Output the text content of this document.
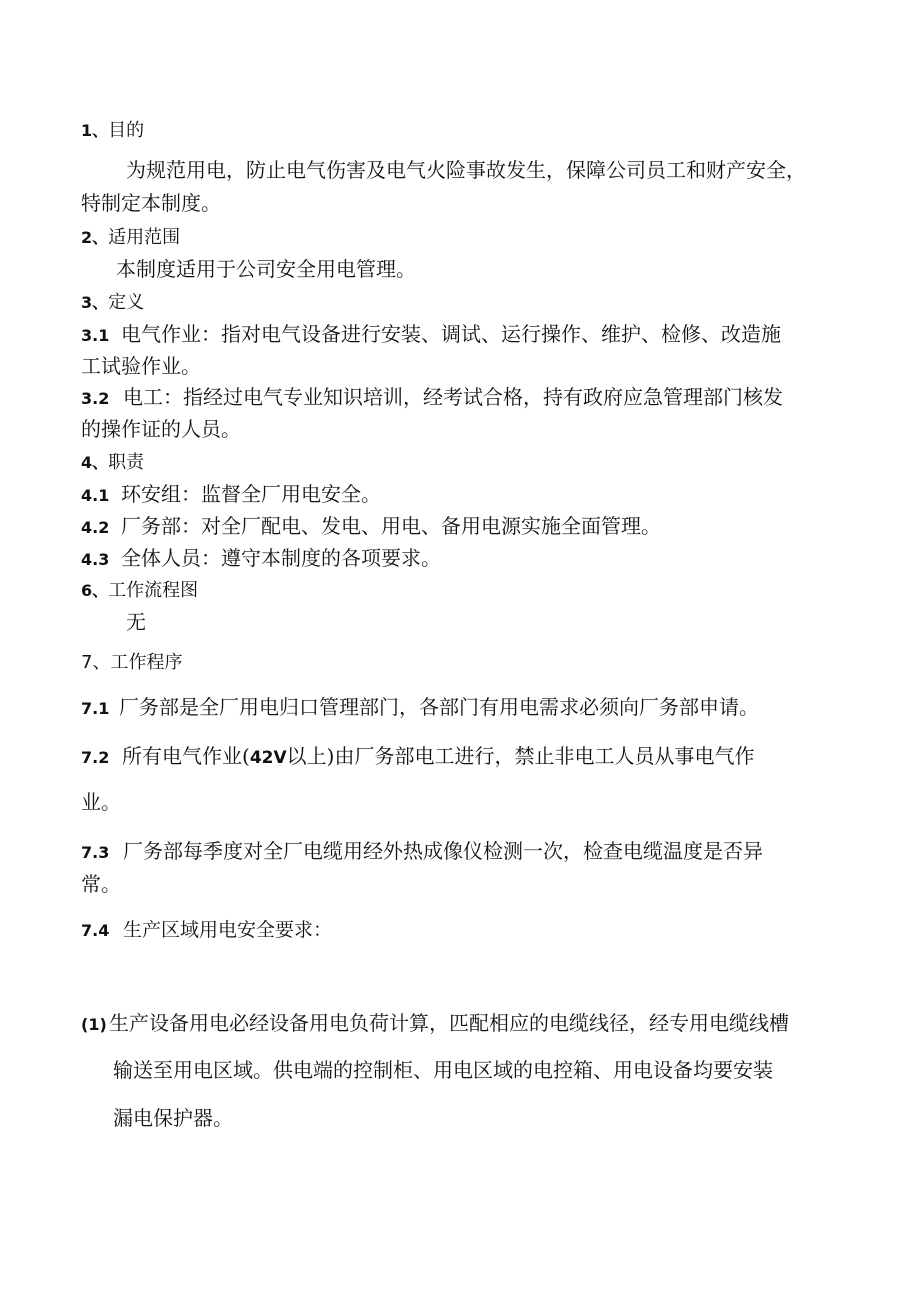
1、目的
为规范用电，防止电气伤害及电气火险事故发生，保障公司员工和财产安全，
特制定本制度。
2、适用范围
本制度适用于公司安全用电管理。
3、定义
3.1 电气作业：指对电气设备进行安装、调试、运行操作、维护、检修、改造施
工试验作业。
3.2 电工：指经过电气专业知识培训，经考试合格，持有政府应急管理部门核发
的操作证的人员。
4、职责
4.1 环安组：监督全厂用电安全。
4.2 厂务部：对全厂配电、发电、用电、备用电源实施全面管理。
4.3 全体人员：遵守本制度的各项要求。
6、工作流程图
无
7、工作程序
7.1 厂务部是全厂用电归口管理部门，各部门有用电需求必须向厂务部申请。
7.2 所有电气作业(42V以上)由厂务部电工进行，禁止非电工人员从事电气作
业。
7.3 厂务部每季度对全厂电缆用经外热成像仪检测一次，检查电缆温度是否异
常。
7.4 生产区域用电安全要求：
(1) 生产设备用电必经设备用电负荷计算，匹配相应的电缆线径，经专用电缆线槽
输送至用电区域。供电端的控制柜、用电区域的电控箱、用电设备均要安装
漏电保护器。
